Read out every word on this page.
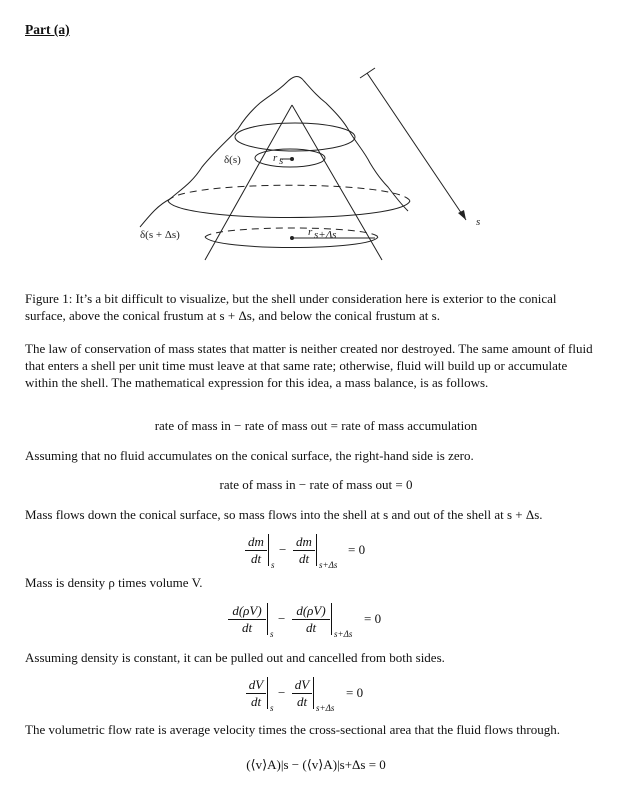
Part (a)
δ(s)	r s
δ(s + Δs)	r s+Δs
s
Figure 1: It’s a bit difficult to visualize, but the shell under consideration here is exterior to the conical surface, above the conical frustum at s + Δs, and below the conical frustum at s.
The law of conservation of mass states that matter is neither created nor destroyed. The same amount of fluid that enters a shell per unit time must leave at that same rate; otherwise, fluid will build up or accumulate within the shell. The mathematical expression for this idea, a mass balance, is as follows.
rate of mass in − rate of mass out = rate of mass accumulation
Assuming that no fluid accumulates on the conical surface, the right-hand side is zero.
rate of mass in − rate of mass out = 0
Mass flows down the conical surface, so mass flows into the shell at s and out of the shell at s + Δs.
$\frac{dm}{dt}$ s
− $\frac{dm}{dt} s+\Delta s$
= 0
Mass is density ρ times volume V.
$\frac{d(\rho V)}{dt}$ s
− $\frac{d(\rho V)}{dt} s+\Delta s$
= 0
Assuming density is constant, it can be pulled out and cancelled from both sides.
$\frac{dV}{dt}$ s
− $\frac{dV}{dt} s+\Delta s$
= 0
The volumetric flow rate is average velocity times the cross-sectional area that the fluid flows through.
(⟨v⟩A)|s − (⟨v⟩A)|s+Δs = 0
